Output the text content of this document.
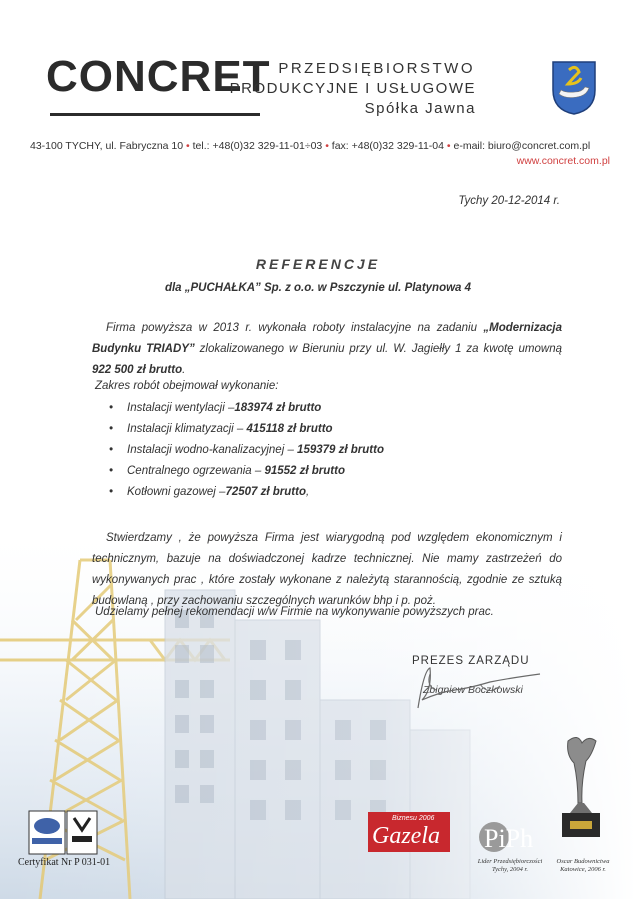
CONCRET PRZEDSIĘBIORSTWO
PRODUKCYJNE I USŁUGOWE
Spółka Jawna
43-100 TYCHY, ul. Fabryczna 10 • tel.: +48(0)32 329-11-01÷03 • fax: +48(0)32 329-11-04 • e-mail: biuro@concret.com.pl
www.concret.com.pl
Tychy 20-12-2014 r.
REFERENCJE
dla „PUCHAŁKA” Sp. z o.o. w Pszczynie ul. Platynowa 4
Firma powyższa w 2013 r. wykonała roboty instalacyjne na zadaniu „Modernizacja Budynku TRIADY” zlokalizowanego w Bieruniu przy ul. W. Jagiełły 1 za kwotę umowną 922 500 zł brutto.
Zakres robót obejmował wykonanie:
• Instalacji wentylacji –183974 zł brutto
• Instalacji klimatyzacji – 415118 zł brutto
• Instalacji wodno-kanalizacyjnej – 159379 zł brutto
• Centralnego ogrzewania – 91552 zł brutto
• Kotłowni gazowej –72507 zł brutto,
Stwierdzamy , że powyższa Firma jest wiarygodną pod względem ekonomicznym i technicznym, bazuje na doświadczonej kadrze technicznej. Nie mamy zastrzeżeń do wykonywanych prac , które zostały wykonane z należytą starannością, zgodnie ze sztuką budowlaną , przy zachowaniu szczególnych warunków bhp i p. poż.
Udzielamy pełnej rekomendacji w/w Firmie na wykonywanie powyższych prac.
PREZES ZARZĄDU
Zbigniew Boczkowski
Certyfikat Nr P 031-01
Biznesu 2006
Gazela PiPh
Lider Przedsiębiorczości
Tychy, 2004 r.
Oscar Budownictwa
Katowice, 2006 r.
